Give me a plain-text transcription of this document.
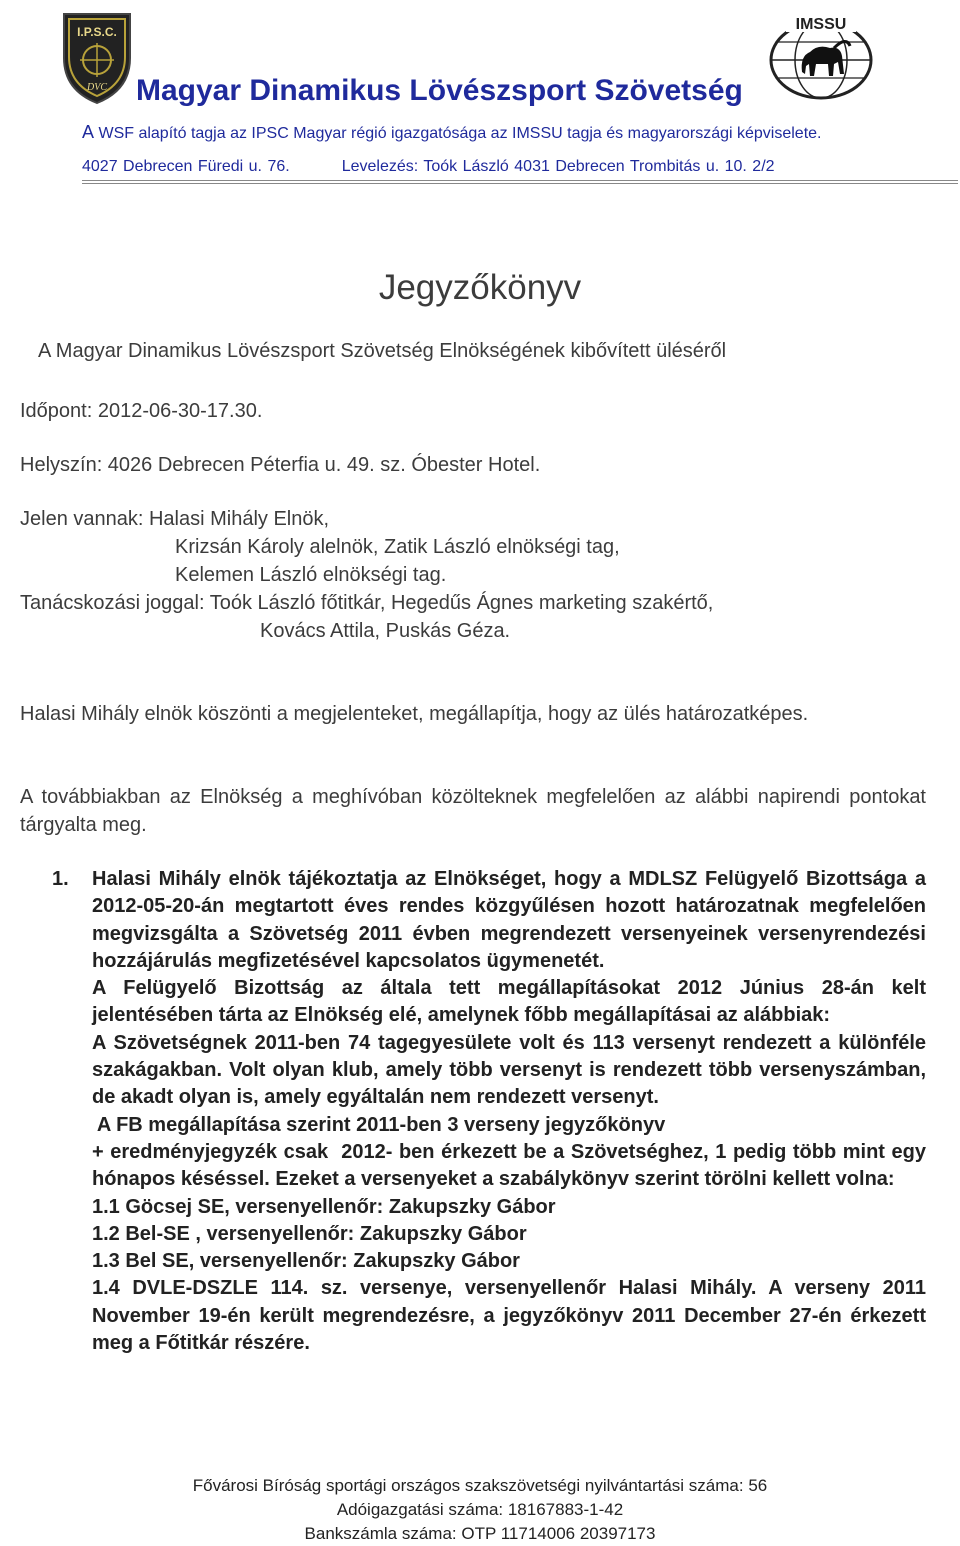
I.P.S.C.
DVC
IMSSU
Magyar Dinamikus Lövészsport Szövetség
A WSF alapító tagja az IPSC Magyar régió igazgatósága az IMSSU tagja és magyarországi képviselete.
4027 Debrecen Füredi u. 76.	Levelezés: Toók László 4031 Debrecen Trombitás u. 10. 2/2
Jegyzőkönyv
A Magyar Dinamikus Lövészsport Szövetség Elnökségének kibővített üléséről
Időpont: 2012-06-30-17.30.
Helyszín: 4026 Debrecen Péterfia u. 49. sz. Óbester Hotel.
Jelen vannak: Halasi Mihály Elnök,
Krizsán Károly alelnök, Zatik László elnökségi tag,
Kelemen László elnökségi tag.
Tanácskozási joggal: Toók László főtitkár, Hegedűs Ágnes marketing szakértő,
Kovács Attila, Puskás Géza.
Halasi Mihály elnök köszönti a megjelenteket, megállapítja, hogy az ülés határozatképes.
A továbbiakban az Elnökség a meghívóban közölteknek megfelelően az alábbi napirendi pontokat tárgyalta meg.
1. Halasi Mihály elnök tájékoztatja az Elnökséget, hogy a MDLSZ Felügyelő Bizottsága a 2012-05-20-án megtartott éves rendes közgyűlésen hozott határozatnak megfelelően megvizsgálta a Szövetség 2011 évben megrendezett versenyeinek versenyrendezési hozzájárulás megfizetésével kapcsolatos ügymenetét.

A Felügyelő Bizottság az általa tett megállapításokat 2012 Június 28-án kelt jelentésében tárta az Elnökség elé, amelynek főbb megállapításai az alábbiak:

A Szövetségnek 2011-ben 74 tagegyesülete volt és 113 versenyt rendezett a különféle szakágakban. Volt olyan klub, amely több versenyt is rendezett több versenyszámban, de akadt olyan is, amely egyáltalán nem rendezett versenyt.

A FB megállapítása szerint 2011-ben 3 verseny jegyzőkönyv

+ eredményjegyzék csak  2012- ben érkezett be a Szövetséghez, 1 pedig több mint egy hónapos késéssel. Ezeket a versenyeket a szabálykönyv szerint törölni kellett volna:

1.1 Göcsej SE, versenyellenőr: Zakupszky Gábor

1.2 Bel-SE , versenyellenőr: Zakupszky Gábor

1.3 Bel SE, versenyellenőr: Zakupszky Gábor

1.4 DVLE-DSZLE 114. sz. versenye, versenyellenőr Halasi Mihály. A verseny 2011 November 19-én került megrendezésre, a jegyzőkönyv 2011 December 27-én érkezett meg a Főtitkár részére.

Fővárosi Bíróság sportági országos szakszövetségi nyilvántartási száma: 56
Adóigazgatási száma: 18167883-1-42
Bankszámla száma: OTP 11714006 20397173
